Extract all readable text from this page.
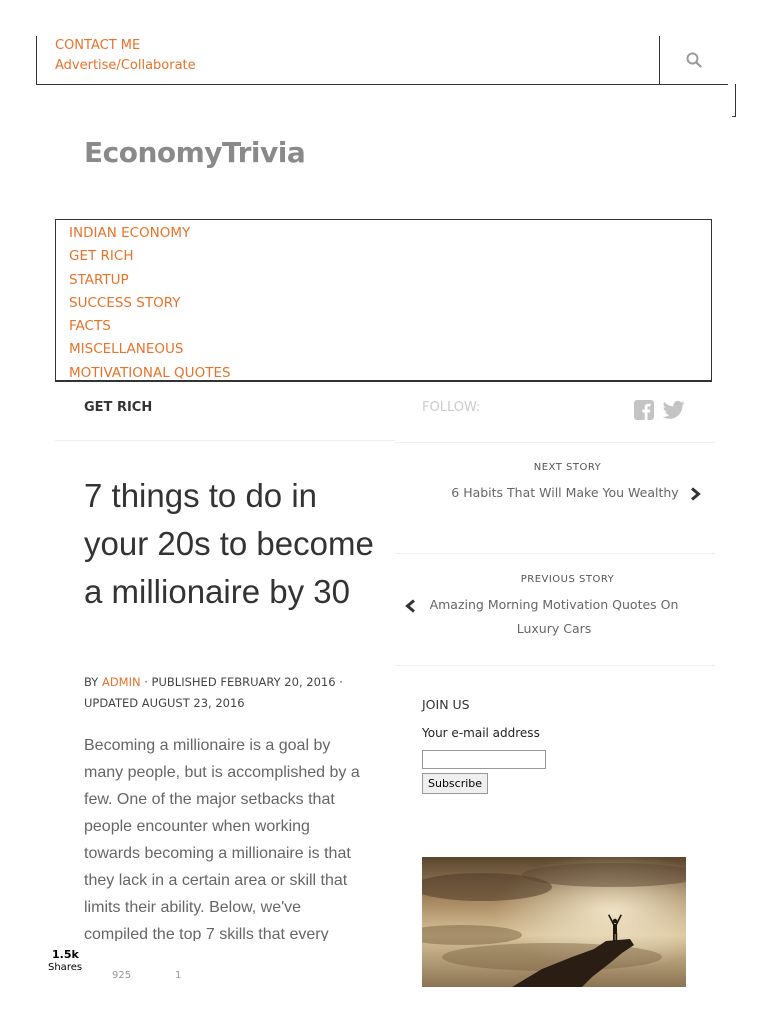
CONTACT ME
Advertise/Collaborate
EconomyTrivia
INDIAN ECONOMY
GET RICH
STARTUP
SUCCESS STORY
FACTS
MISCELLANEOUS
MOTIVATIONAL QUOTES
GET RICH
7 things to do in your 20s to become a millionaire by 30
BY ADMIN · PUBLISHED FEBRUARY 20, 2016 · UPDATED AUGUST 23, 2016
Becoming a millionaire is a goal by many people, but is accomplished by a few. One of the major setbacks that people encounter when working towards becoming a millionaire is that they lack in a certain area or skill that limits their ability. Below, we've compiled the top 7 skills that every
1.5k
Shares
925	1
FOLLOW:
NEXT STORY
6 Habits That Will Make You Wealthy
PREVIOUS STORY
Amazing Morning Motivation Quotes On Luxury Cars
JOIN US
Your e-mail address
Subscribe
